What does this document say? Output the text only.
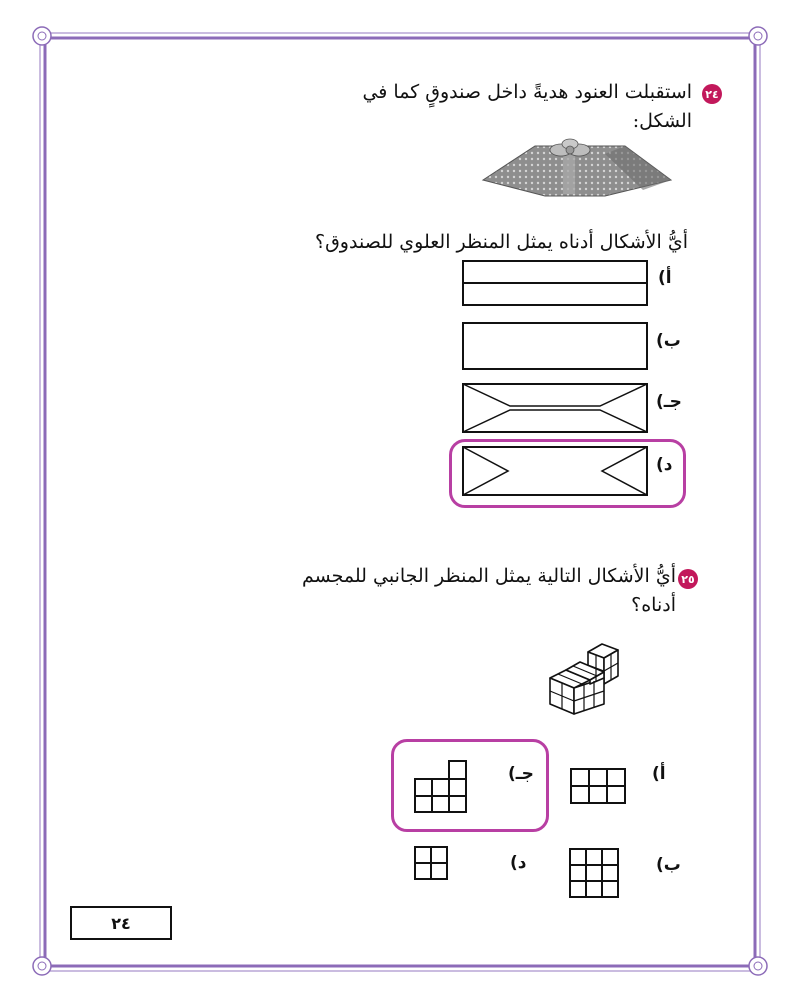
٢٤
استقبلت العنود هديةً داخل صندوقٍ كما في
الشكل:
أيُّ الأشكال أدناه يمثل المنظر العلوي للصندوق؟
أ)
ب)
جـ)
د)
٢٥
أيُّ الأشكال التالية يمثل المنظر الجانبي للمجسم
أدناه؟
أ)
جـ)
ب)
د)
٢٤
